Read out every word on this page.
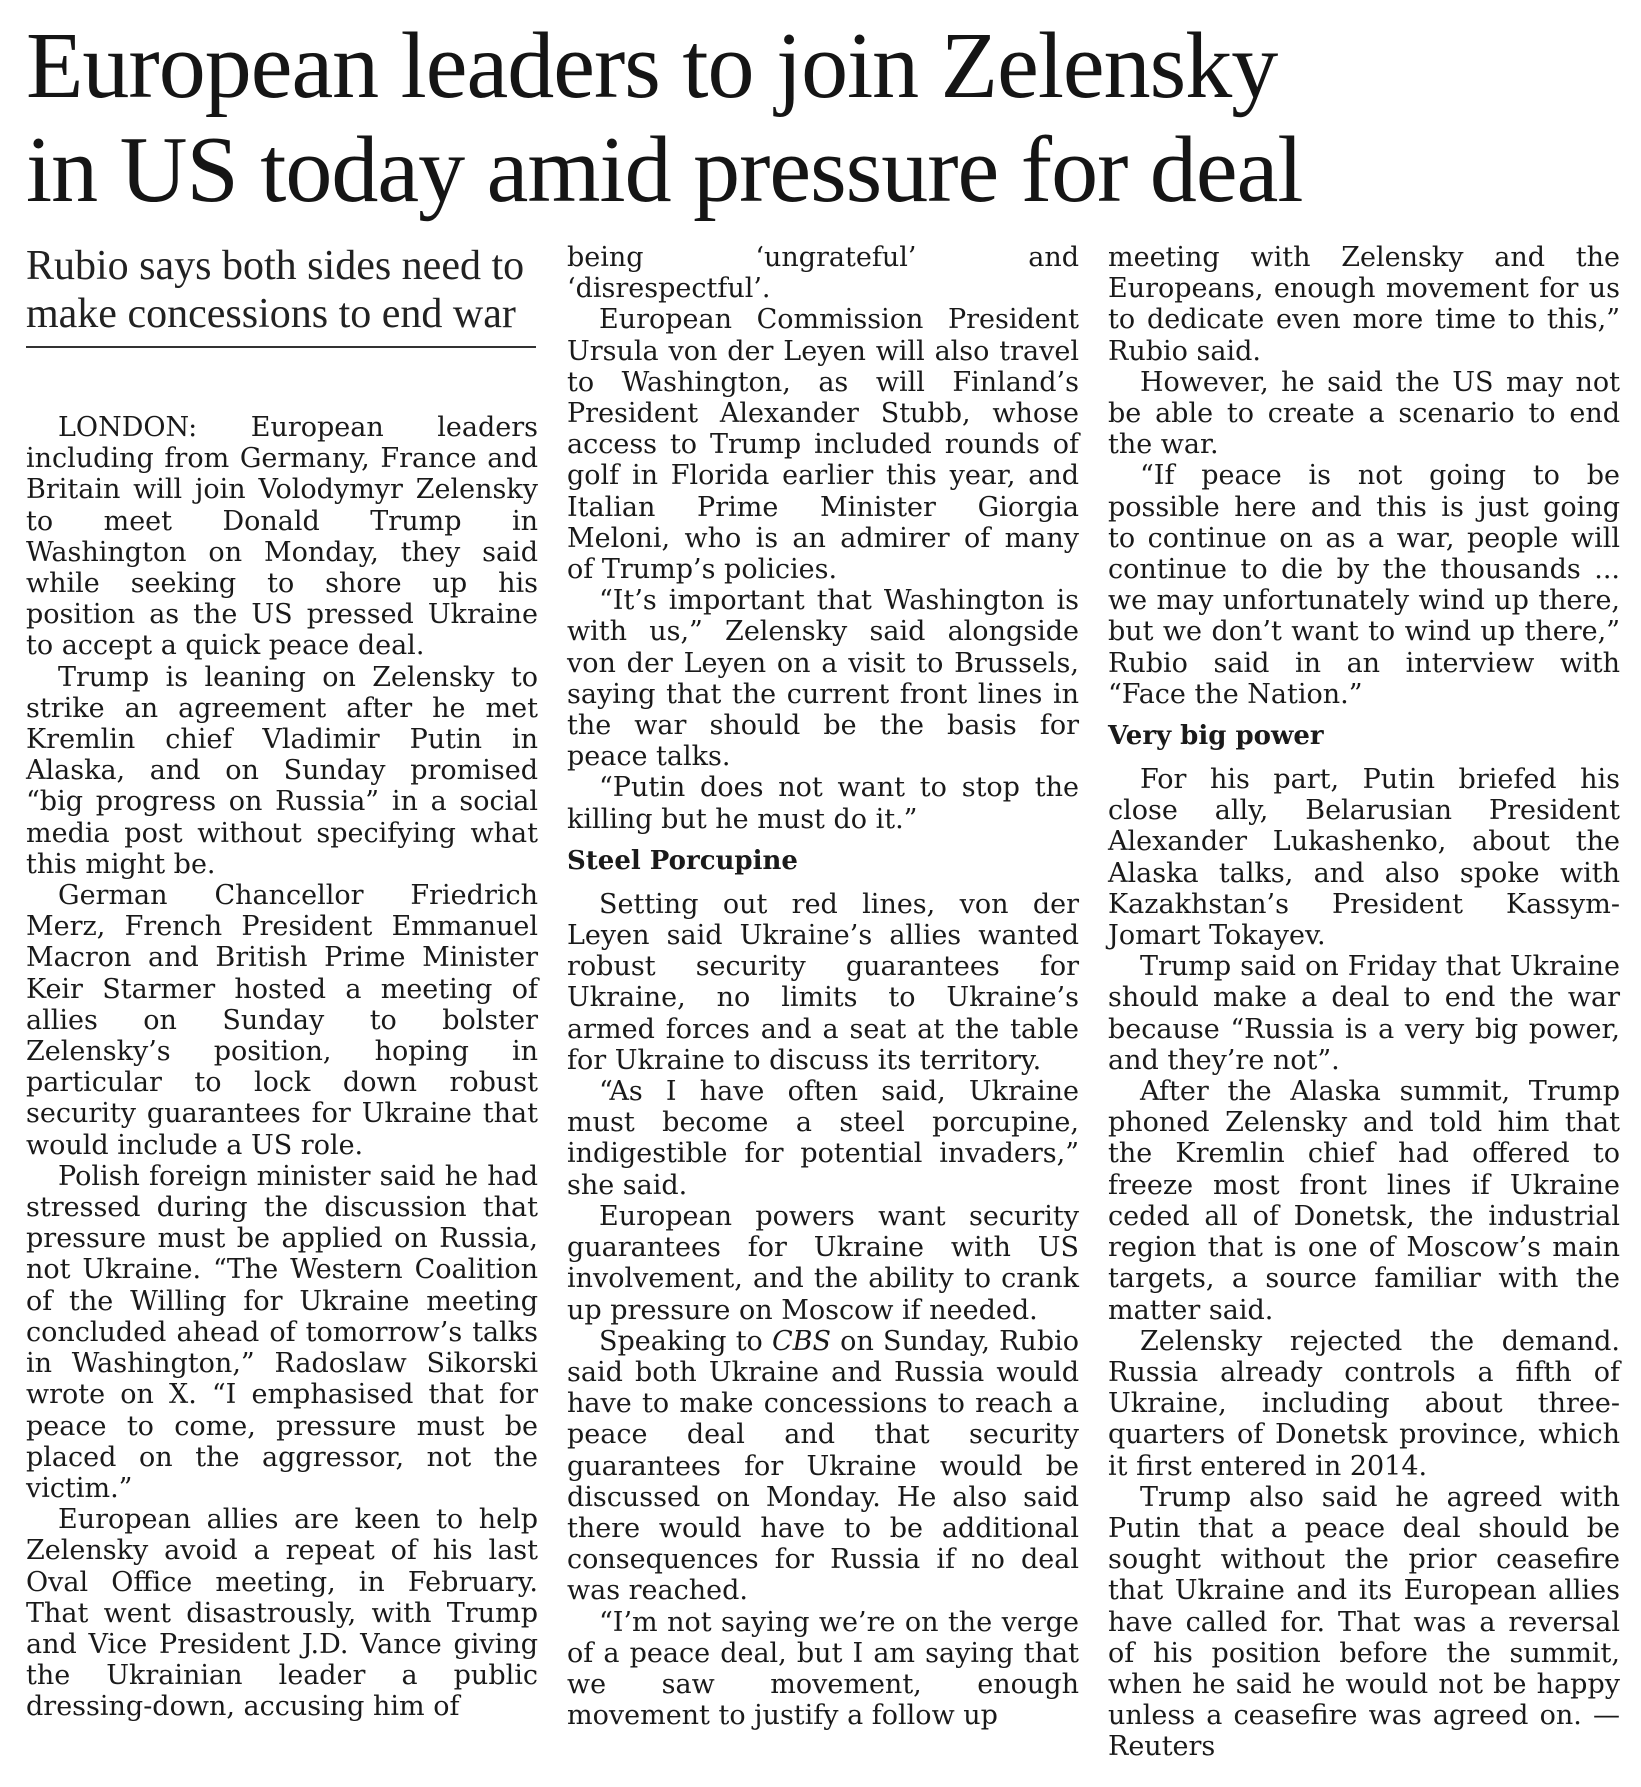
European leaders to join Zelensky
in US today amid pressure for deal
Rubio says both sides need to make concessions to end war

LONDON: European leaders including from Germany, France and Britain will join Volodymyr Zelensky to meet Donald Trump in Washington on Monday, they said while seeking to shore up his position as the US pressed Ukraine to accept a quick peace deal.

Trump is leaning on Zelensky to strike an agreement after he met Kremlin chief Vladimir Putin in Alaska, and on Sunday promised “big progress on Russia” in a social media post without specifying what this might be.

German Chancellor Friedrich Merz, French President Emmanuel Macron and British Prime Minister Keir Starmer hosted a meeting of allies on Sunday to bolster Zelensky’s position, hoping in particular to lock down robust security guarantees for Ukraine that would include a US role.

Polish foreign minister said he had stressed during the discussion that pressure must be applied on Russia, not Ukraine. “The Western Coalition of the Willing for Ukraine meeting concluded ahead of tomorrow’s talks in Washington,” Radoslaw Sikorski wrote on X. “I emphasised that for peace to come, pressure must be placed on the aggressor, not the victim.”

European allies are keen to help Zelensky avoid a repeat of his last Oval Office meeting, in February. That went disastrously, with Trump and Vice President J.D. Vance giving the Ukrainian leader a public dressing-down, accusing him of

being ‘ungrateful’ and ‘disrespectful’.

European Commission President Ursula von der Leyen will also travel to Washington, as will Finland’s President Alexander Stubb, whose access to Trump included rounds of golf in Florida earlier this year, and Italian Prime Minister Giorgia Meloni, who is an admirer of many of Trump’s policies.

“It’s important that Washington is with us,” Zelensky said alongside von der Leyen on a visit to Brussels, saying that the current front lines in the war should be the basis for peace talks.

“Putin does not want to stop the killing but he must do it.”

Steel Porcupine

Setting out red lines, von der Leyen said Ukraine’s allies wanted robust security guarantees for Ukraine, no limits to Ukraine’s armed forces and a seat at the table for Ukraine to discuss its territory.

“As I have often said, Ukraine must become a steel porcupine, indigestible for potential invaders,” she said.

European powers want security guarantees for Ukraine with US involvement, and the ability to crank up pressure on Moscow if needed.

Speaking to CBS on Sunday, Rubio said both Ukraine and Russia would have to make concessions to reach a peace deal and that security guarantees for Ukraine would be discussed on Monday. He also said there would have to be additional consequences for Russia if no deal was reached.

“I’m not saying we’re on the verge of a peace deal, but I am saying that we saw movement, enough movement to justify a follow up

meeting with Zelensky and the Europeans, enough movement for us to dedicate even more time to this,” Rubio said.

However, he said the US may not be able to create a scenario to end the war.

“If peace is not going to be possible here and this is just going to continue on as a war, people will continue to die by the thousands ... we may unfortunately wind up there, but we don’t want to wind up there,” Rubio said in an interview with “Face the Nation.”

Very big power

For his part, Putin briefed his close ally, Belarusian President Alexander Lukashenko, about the Alaska talks, and also spoke with Kazakhstan’s President Kassym-Jomart Tokayev.

Trump said on Friday that Ukraine should make a deal to end the war because “Russia is a very big power, and they’re not”.

After the Alaska summit, Trump phoned Zelensky and told him that the Kremlin chief had offered to freeze most front lines if Ukraine ceded all of Donetsk, the industrial region that is one of Moscow’s main targets, a source familiar with the matter said.

Zelensky rejected the demand. Russia already controls a fifth of Ukraine, including about three-quarters of Donetsk province, which it first entered in 2014.

Trump also said he agreed with Putin that a peace deal should be sought without the prior ceasefire that Ukraine and its European allies have called for. That was a reversal of his position before the summit, when he said he would not be happy unless a ceasefire was agreed on. — Reuters
